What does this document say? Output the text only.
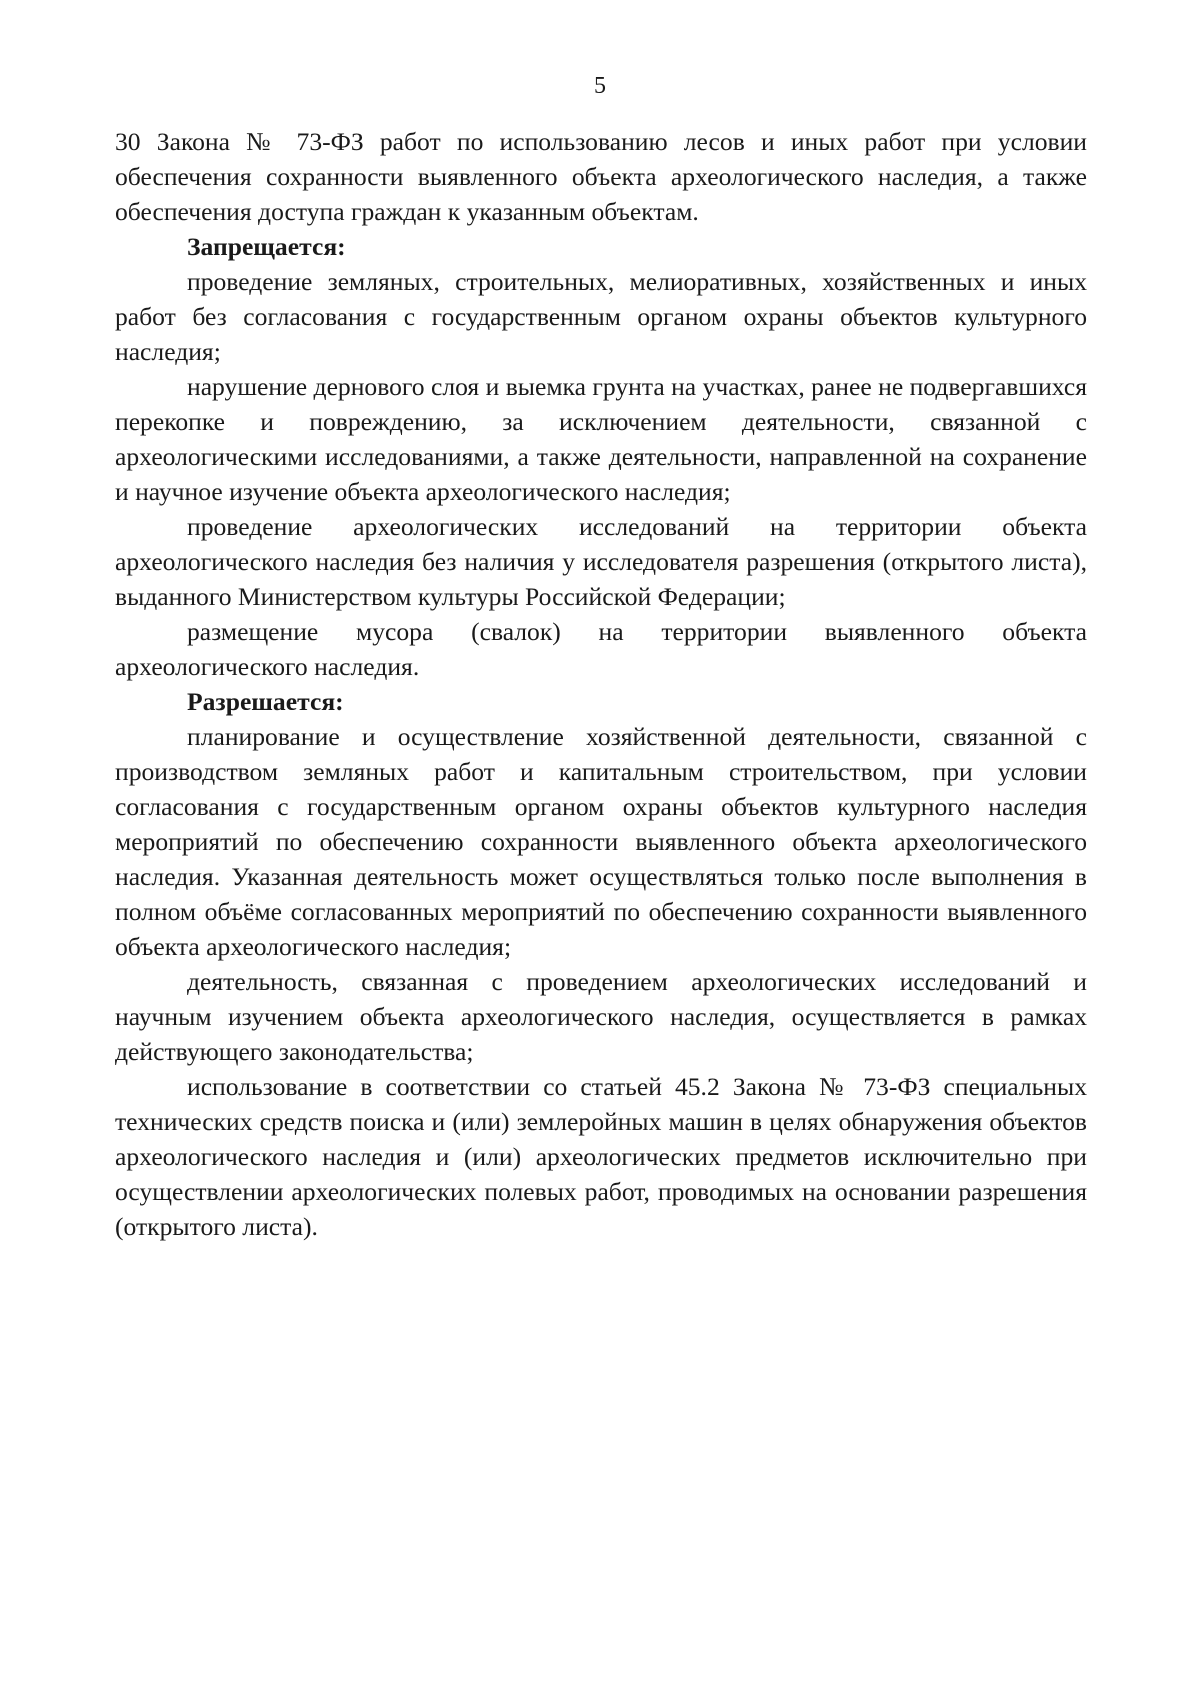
5

30 Закона № 73-ФЗ работ по использованию лесов и иных работ при условии обеспечения сохранности выявленного объекта археологического наследия, а также обеспечения доступа граждан к указанным объектам.

Запрещается:

проведение земляных, строительных, мелиоративных, хозяйственных и иных работ без согласования с государственным органом охраны объектов культурного наследия;

нарушение дернового слоя и выемка грунта на участках, ранее не подвергавшихся перекопке и повреждению, за исключением деятельности, связанной с археологическими исследованиями, а также деятельности, направленной на сохранение и научное изучение объекта археологического наследия;

проведение археологических исследований на территории объекта археологического наследия без наличия у исследователя разрешения (открытого листа), выданного Министерством культуры Российской Федерации;

размещение мусора (свалок) на территории выявленного объекта археологического наследия.

Разрешается:

планирование и осуществление хозяйственной деятельности, связанной с производством земляных работ и капитальным строительством, при условии согласования с государственным органом охраны объектов культурного наследия мероприятий по обеспечению сохранности выявленного объекта археологического наследия. Указанная деятельность может осуществляться только после выполнения в полном объёме согласованных мероприятий по обеспечению сохранности выявленного объекта археологического наследия;

деятельность, связанная с проведением археологических исследований и научным изучением объекта археологического наследия, осуществляется в рамках действующего законодательства;

использование в соответствии со статьей 45.2 Закона № 73-ФЗ специальных технических средств поиска и (или) землеройных машин в целях обнаружения объектов археологического наследия и (или) археологических предметов исключительно при осуществлении археологических полевых работ, проводимых на основании разрешения (открытого листа).
